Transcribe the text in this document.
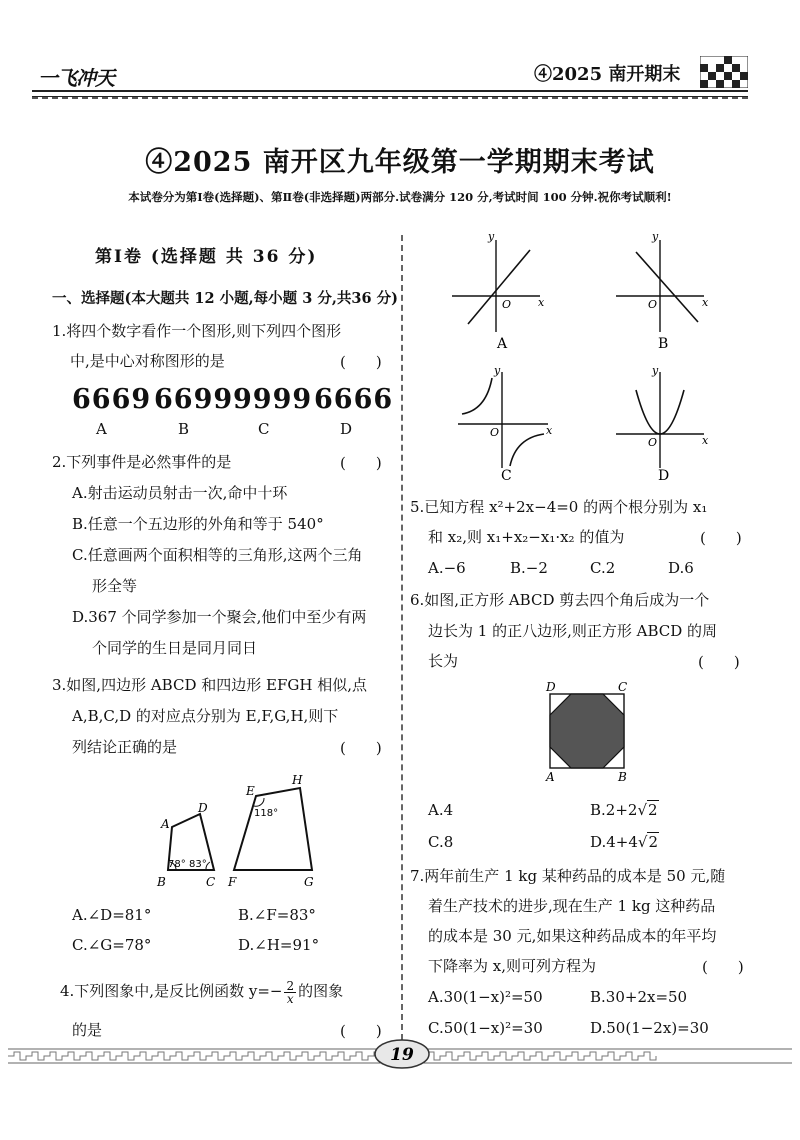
一飞冲天	④2025 南开期末
④2025 南开区九年级第一学期期末考试
本试卷分为第Ⅰ卷(选择题)、第Ⅱ卷(非选择题)两部分.试卷满分 120 分,考试时间 100 分钟.祝你考试顺利!
第Ⅰ卷 (选择题 共 36 分)
一、选择题(本大题共 12 小题,每小题 3 分,共36 分)
1.将四个数字看作一个图形,则下列四个图形
中,是中心对称图形的是	(　　)
6669 6699 9999 6666
A	B	C	D
2.下列事件是必然事件的是	(　　)
A.射击运动员射击一次,命中十环
B.任意一个五边形的外角和等于 540°
C.任意画两个面积相等的三角形,这两个三角
形全等
D.367 个同学参加一个聚会,他们中至少有两
个同学的生日是同月同日
3.如图,四边形 ABCD 和四边形 EFGH 相似,点
A,B,C,D 的对应点分别为 E,F,G,H,则下
列结论正确的是	(　　)
A
D
B	C
78° 83°
E
H
F	G
118°
A.∠D=81°	B.∠F=83°
C.∠G=78°	D.∠H=91°
4.下列图象中,是反比例函数 $y=- \frac{2}{x}$ 的图象
的是	(　　)
y
x
O
A
y
x
O
B
y
x
O
C
y
x
O
D
5.已知方程 x²+2x−4=0 的两个根分别为 x₁
和 x₂,则 x₁+x₂−x₁·x₂ 的值为	(　　)
A.−6	B.−2	C.2	D.6
6.如图,正方形 ABCD 剪去四个角后成为一个
边长为 1 的正八边形,则正方形 ABCD 的周
长为	(　　)
D	C
A	B
A.4	B.2+2√2
C.8	D.4+4√2
7.两年前生产 1 kg 某种药品的成本是 50 元,随
着生产技术的进步,现在生产 1 kg 这种药品
的成本是 30 元,如果这种药品成本的年平均
下降率为 x,则可列方程为	(　　)
A.30(1−x)²=50	B.30+2x=50
C.50(1−x)²=30	D.50(1−2x)=30
19
